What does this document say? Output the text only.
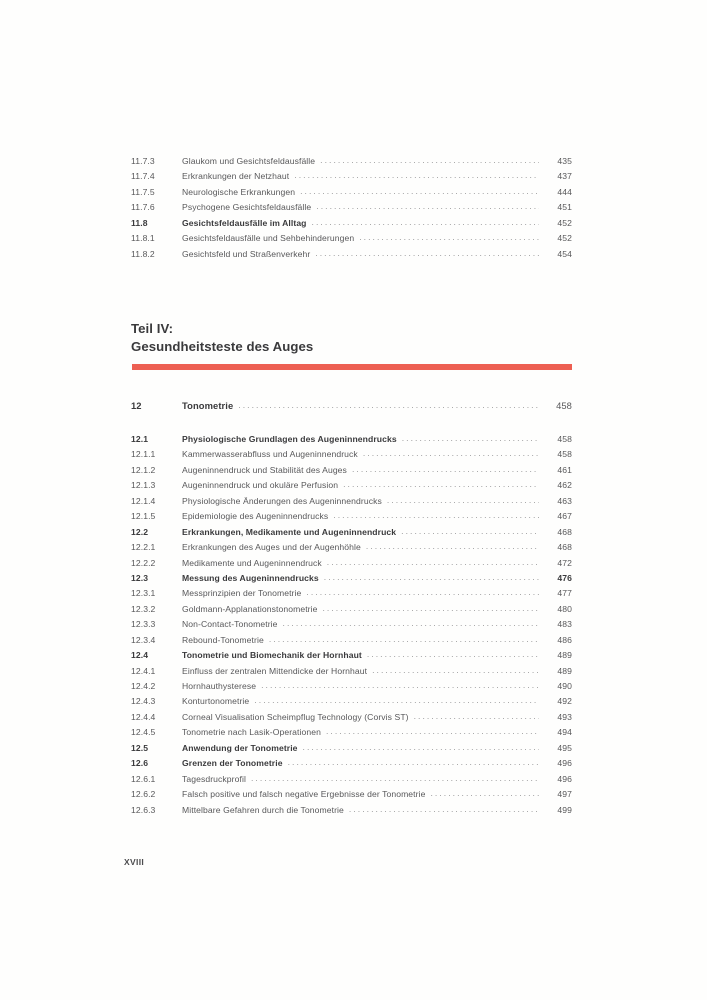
11.7.3	Glaukom und Gesichtsfeldausfälle .....	435
11.7.4	Erkrankungen der Netzhaut .....	437
11.7.5	Neurologische Erkrankungen .....	444
11.7.6	Psychogene Gesichtsfeldausfälle .....	451
11.8	Gesichtsfeldausfälle im Alltag .....	452
11.8.1	Gesichtsfeldausfälle und Sehbehinderungen .....	452
11.8.2	Gesichtsfeld und Straßenverkehr .....	454
Teil IV:
Gesundheitsteste des Auges
12	Tonometrie .....	458
12.1	Physiologische Grundlagen des Augeninnendrucks .....	458
12.1.1	Kammerwasserabfluss und Augeninnendruck .....	458
12.1.2	Augeninnendruck und Stabilität des Auges .....	461
12.1.3	Augeninnendruck und okuläre Perfusion .....	462
12.1.4	Physiologische Änderungen des Augeninnendrucks .....	463
12.1.5	Epidemiologie des Augeninnendrucks .....	467
12.2	Erkrankungen, Medikamente und Augeninnendruck .....	468
12.2.1	Erkrankungen des Auges und der Augenhöhle .....	468
12.2.2	Medikamente und Augeninnendruck .....	472
12.3	Messung des Augeninnendrucks .....	476
12.3.1	Messprinzipien der Tonometrie .....	477
12.3.2	Goldmann-Applanationstonometrie .....	480
12.3.3	Non-Contact-Tonometrie .....	483
12.3.4	Rebound-Tonometrie .....	486
12.4	Tonometrie und Biomechanik der Hornhaut .....	489
12.4.1	Einfluss der zentralen Mittendicke der Hornhaut .....	489
12.4.2	Hornhauthysterese .....	490
12.4.3	Konturtonometrie .....	492
12.4.4	Corneal Visualisation Scheimpflug Technology (Corvis ST) .....	493
12.4.5	Tonometrie nach Lasik-Operationen .....	494
12.5	Anwendung der Tonometrie .....	495
12.6	Grenzen der Tonometrie .....	496
12.6.1	Tagesdruckprofil .....	496
12.6.2	Falsch positive und falsch negative Ergebnisse der Tonometrie .....	497
12.6.3	Mittelbare Gefahren durch die Tonometrie .....	499
XVIII
